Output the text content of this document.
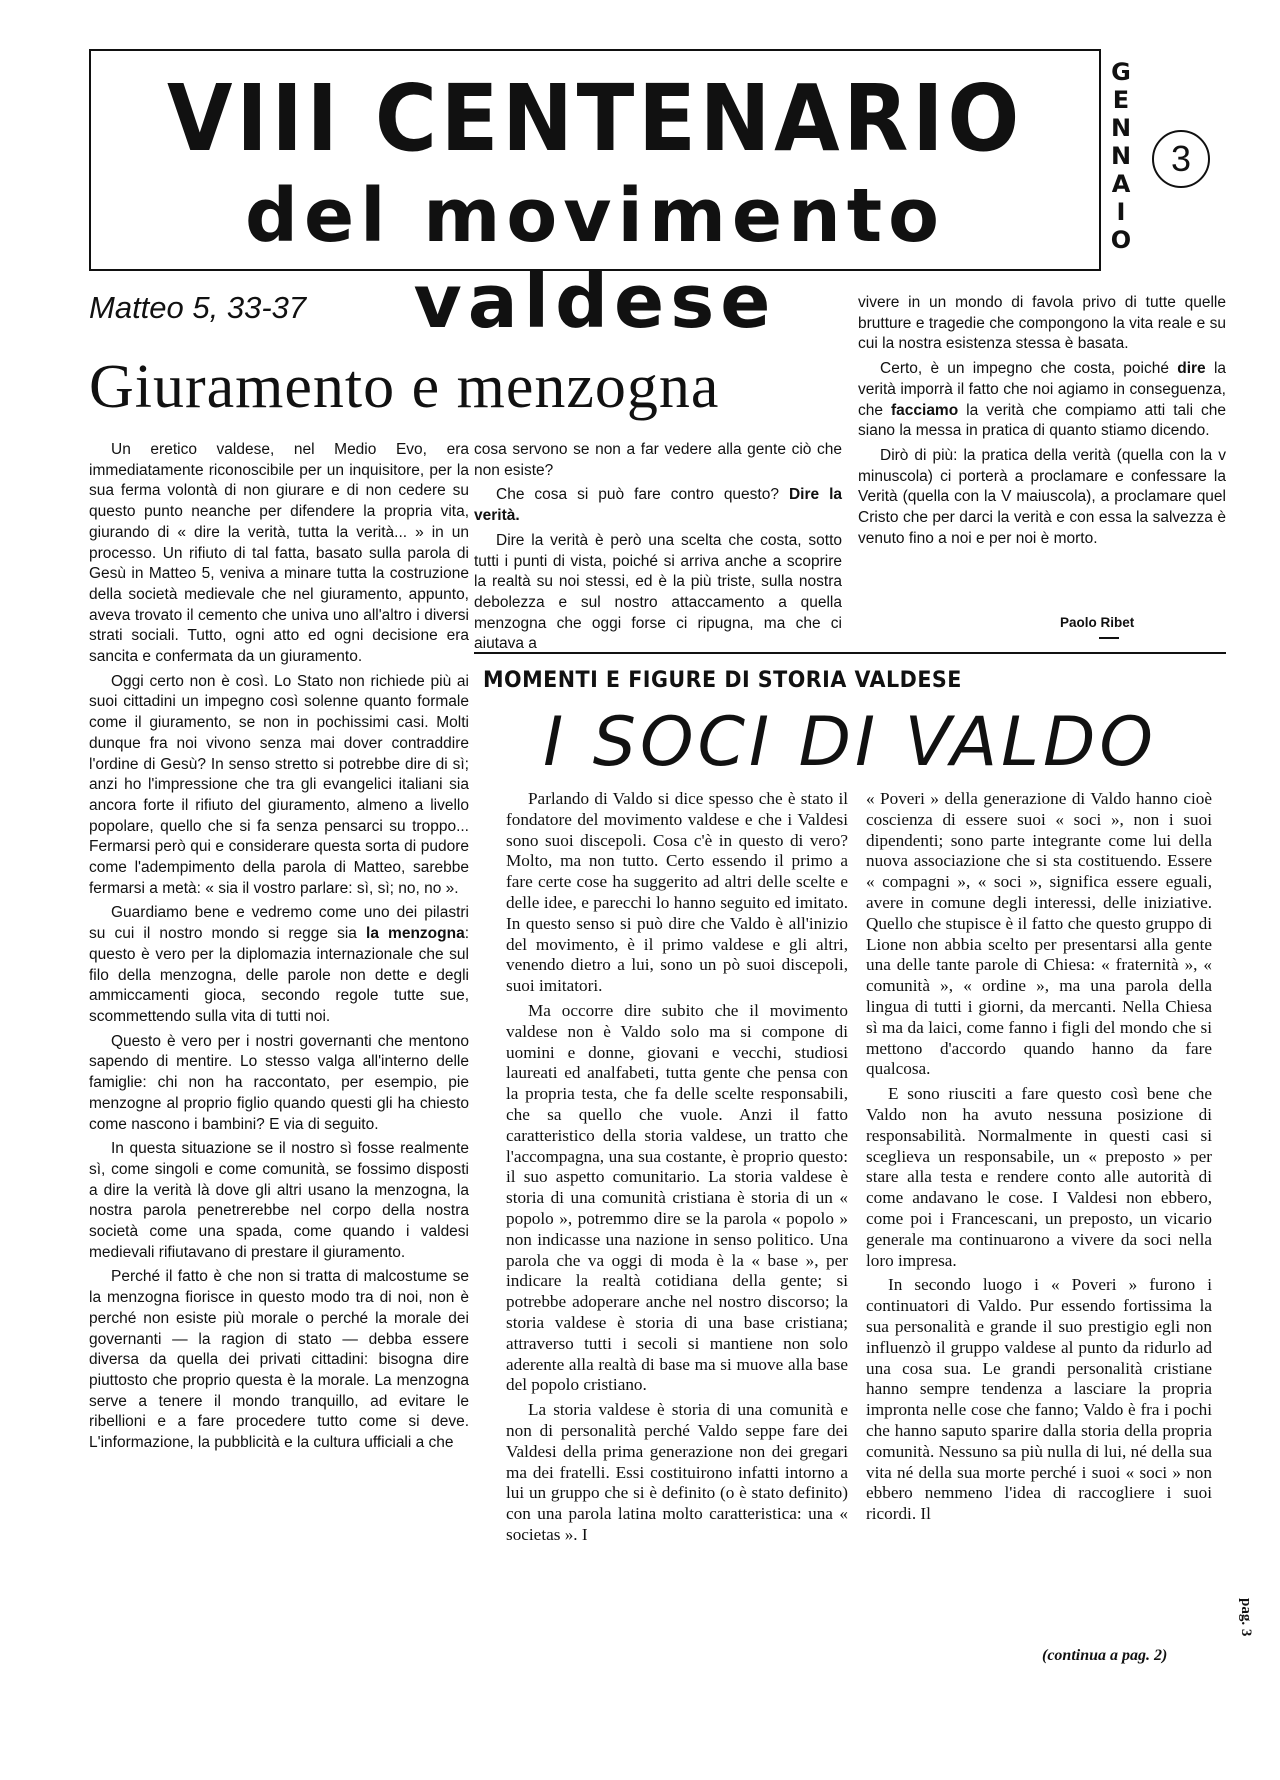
VIII CENTENARIO
del movimento valdese
G
E
N
N
A
I
O
3
Matteo 5, 33-37
Giuramento e menzogna

Un eretico valdese, nel Medio Evo, era immediatamente riconoscibile per un inquisitore, per la sua ferma volontà di non giurare e di non cedere su questo punto neanche per difendere la propria vita, giurando di « dire la verità, tutta la verità... » in un processo. Un rifiuto di tal fatta, basato sulla parola di Gesù in Matteo 5, veniva a minare tutta la costruzione della società medievale che nel giuramento, appunto, aveva trovato il cemento che univa uno all'altro i diversi strati sociali. Tutto, ogni atto ed ogni decisione era sancita e confermata da un giuramento.

Oggi certo non è così. Lo Stato non richiede più ai suoi cittadini un impegno così solenne quanto formale come il giuramento, se non in pochissimi casi. Molti dunque fra noi vivono senza mai dover contraddire l'ordine di Gesù? In senso stretto si potrebbe dire di sì; anzi ho l'impressione che tra gli evangelici italiani sia ancora forte il rifiuto del giuramento, almeno a livello popolare, quello che si fa senza pensarci su troppo... Fermarsi però qui e considerare questa sorta di pudore come l'adempimento della parola di Matteo, sarebbe fermarsi a metà: « sia il vostro parlare: sì, sì; no, no ».

Guardiamo bene e vedremo come uno dei pilastri su cui il nostro mondo si regge sia la menzogna: questo è vero per la diplomazia internazionale che sul filo della menzogna, delle parole non dette e degli ammiccamenti gioca, secondo regole tutte sue, scommettendo sulla vita di tutti noi.

Questo è vero per i nostri governanti che mentono sapendo di mentire. Lo stesso valga all'interno delle famiglie: chi non ha raccontato, per esempio, pie menzogne al proprio figlio quando questi gli ha chiesto come nascono i bambini? E via di seguito.

In questa situazione se il nostro sì fosse realmente sì, come singoli e come comunità, se fossimo disposti a dire la verità là dove gli altri usano la menzogna, la nostra parola penetrerebbe nel corpo della nostra società come una spada, come quando i valdesi medievali rifiutavano di prestare il giuramento.

Perché il fatto è che non si tratta di malcostume se la menzogna fiorisce in questo modo tra di noi, non è perché non esiste più morale o perché la morale dei governanti — la ragion di stato — debba essere diversa da quella dei privati cittadini: bisogna dire piuttosto che proprio questa è la morale. La menzogna serve a tenere il mondo tranquillo, ad evitare le ribellioni e a fare procedere tutto come si deve. L'informazione, la pubblicità e la cultura ufficiali a che

cosa servono se non a far vedere alla gente ciò che non esiste?

Che cosa si può fare contro questo? Dire la verità.

Dire la verità è però una scelta che costa, sotto tutti i punti di vista, poiché si arriva anche a scoprire la realtà su noi stessi, ed è la più triste, sulla nostra debolezza e sul nostro attaccamento a quella menzogna che oggi forse ci ripugna, ma che ci aiutava a

vivere in un mondo di favola privo di tutte quelle brutture e tragedie che compongono la vita reale e su cui la nostra esistenza stessa è basata.

Certo, è un impegno che costa, poiché dire la verità imporrà il fatto che noi agiamo in conseguenza, che facciamo la verità che compiamo atti tali che siano la messa in pratica di quanto stiamo dicendo.

Dirò di più: la pratica della verità (quella con la v minuscola) ci porterà a proclamare e confessare la Verità (quella con la V maiuscola), a proclamare quel Cristo che per darci la verità e con essa la salvezza è venuto fino a noi e per noi è morto.

Paolo Ribet
MOMENTI E FIGURE DI STORIA VALDESE
I SOCI DI VALDO

Parlando di Valdo si dice spesso che è stato il fondatore del movimento valdese e che i Valdesi sono suoi discepoli. Cosa c'è in questo di vero? Molto, ma non tutto. Certo essendo il primo a fare certe cose ha suggerito ad altri delle scelte e delle idee, e parecchi lo hanno seguito ed imitato. In questo senso si può dire che Valdo è all'inizio del movimento, è il primo valdese e gli altri, venendo dietro a lui, sono un pò suoi discepoli, suoi imitatori.

Ma occorre dire subito che il movimento valdese non è Valdo solo ma si compone di uomini e donne, giovani e vecchi, studiosi laureati ed analfabeti, tutta gente che pensa con la propria testa, che fa delle scelte responsabili, che sa quello che vuole. Anzi il fatto caratteristico della storia valdese, un tratto che l'accompagna, una sua costante, è proprio questo: il suo aspetto comunitario. La storia valdese è storia di una comunità cristiana è storia di un « popolo », potremmo dire se la parola « popolo » non indicasse una nazione in senso politico. Una parola che va oggi di moda è la « base », per indicare la realtà cotidiana della gente; si potrebbe adoperare anche nel nostro discorso; la storia valdese è storia di una base cristiana; attraverso tutti i secoli si mantiene non solo aderente alla realtà di base ma si muove alla base del popolo cristiano.

La storia valdese è storia di una comunità e non di personalità perché Valdo seppe fare dei Valdesi della prima generazione non dei gregari ma dei fratelli. Essi costituirono infatti intorno a lui un gruppo che si è definito (o è stato definito) con una parola latina molto caratteristica: una « societas ». I

« Poveri » della generazione di Valdo hanno cioè coscienza di essere suoi « soci », non i suoi dipendenti; sono parte integrante come lui della nuova associazione che si sta costituendo. Essere « compagni », « soci », significa essere eguali, avere in comune degli interessi, delle iniziative. Quello che stupisce è il fatto che questo gruppo di Lione non abbia scelto per presentarsi alla gente una delle tante parole di Chiesa: « fraternità », « comunità », « ordine », ma una parola della lingua di tutti i giorni, da mercanti. Nella Chiesa sì ma da laici, come fanno i figli del mondo che si mettono d'accordo quando hanno da fare qualcosa.

E sono riusciti a fare questo così bene che Valdo non ha avuto nessuna posizione di responsabilità. Normalmente in questi casi si sceglieva un responsabile, un « preposto » per stare alla testa e rendere conto alle autorità di come andavano le cose. I Valdesi non ebbero, come poi i Francescani, un preposto, un vicario generale ma continuarono a vivere da soci nella loro impresa.

In secondo luogo i « Poveri » furono i continuatori di Valdo. Pur essendo fortissima la sua personalità e grande il suo prestigio egli non influenzò il gruppo valdese al punto da ridurlo ad una cosa sua. Le grandi personalità cristiane hanno sempre tendenza a lasciare la propria impronta nelle cose che fanno; Valdo è fra i pochi che hanno saputo sparire dalla storia della propria comunità. Nessuno sa più nulla di lui, né della sua vita né della sua morte perché i suoi « soci » non ebbero nemmeno l'idea di raccogliere i suoi ricordi. Il

(continua a pag. 2)
pag. 3
